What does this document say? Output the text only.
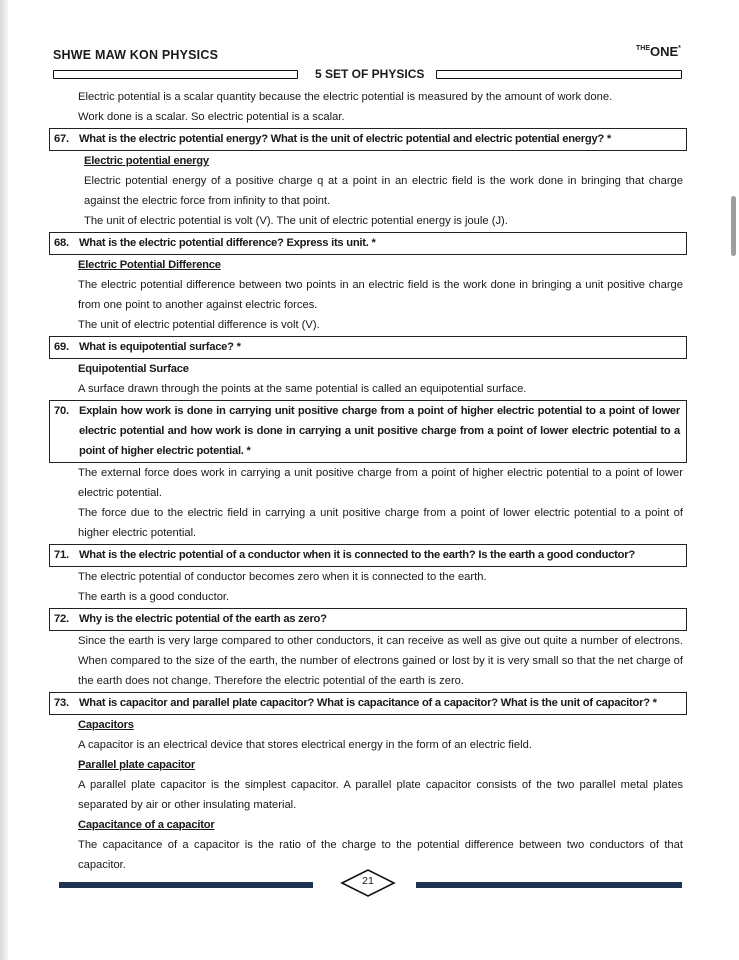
SHWE MAW KON PHYSICS	$^{THE}$ONE*
5 SET OF PHYSICS
Electric potential is a scalar quantity because the electric potential is measured by the amount of work done.
Work done is a scalar. So electric potential is a scalar.
67. What is the electric potential energy? What is the unit of electric potential and electric potential energy? *
Electric potential energy
Electric potential energy of a positive charge q at a point in an electric field is the work done in bringing that charge against the electric force from infinity to that point.
The unit of electric potential is volt (V). The unit of electric potential energy is joule (J).
68. What is the electric potential difference? Express its unit. *
Electric Potential Difference
The electric potential difference between two points in an electric field is the work done in bringing a unit positive charge from one point to another against electric forces.
The unit of electric potential difference is volt (V).
69. What is equipotential surface? *
Equipotential Surface
A surface drawn through the points at the same potential is called an equipotential surface.
70. Explain how work is done in carrying unit positive charge from a point of higher electric potential to a point of lower electric potential and how work is done in carrying a unit positive charge from a point of lower electric potential to a point of higher electric potential. *
The external force does work in carrying a unit positive charge from a point of higher electric potential to a point of lower electric potential.
The force due to the electric field in carrying a unit positive charge from a point of lower electric potential to a point of higher electric potential.
71. What is the electric potential of a conductor when it is connected to the earth? Is the earth a good conductor?
The electric potential of conductor becomes zero when it is connected to the earth.
The earth is a good conductor.
72. Why is the electric potential of the earth as zero?
Since the earth is very large compared to other conductors, it can receive as well as give out quite a number of electrons. When compared to the size of the earth, the number of electrons gained or lost by it is very small so that the net charge of the earth does not change. Therefore the electric potential of the earth is zero.
73. What is capacitor and parallel plate capacitor? What is capacitance of a capacitor? What is the unit of capacitor? *
Capacitors
A capacitor is an electrical device that stores electrical energy in the form of an electric field.
Parallel plate capacitor
A parallel plate capacitor is the simplest capacitor. A parallel plate capacitor consists of the two parallel metal plates separated by air or other insulating material.
Capacitance of a capacitor
The capacitance of a capacitor is the ratio of the charge to the potential difference between two conductors of that capacitor.
21
